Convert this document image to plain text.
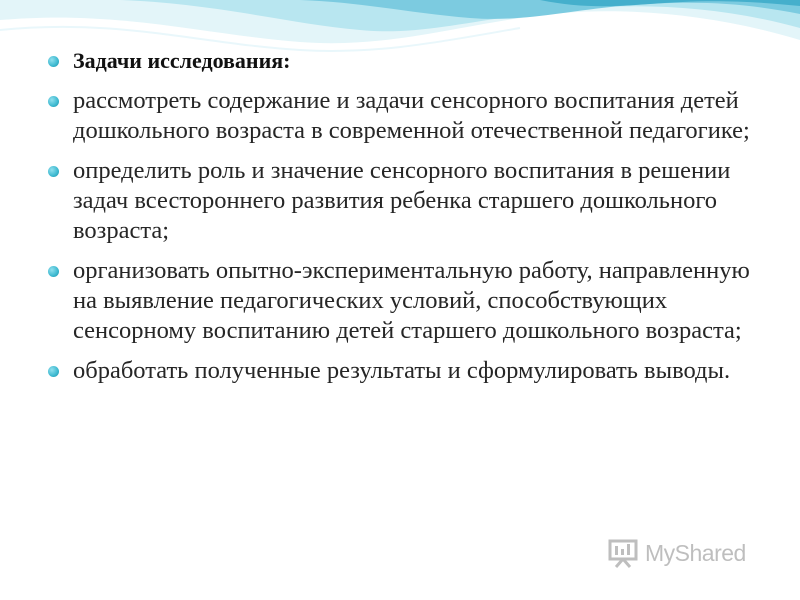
Задачи исследования:
рассмотреть содержание и задачи сенсорного воспитания детей дошкольного возраста в современной отечественной педагогике;
определить роль и значение сенсорного воспитания в решении задач всестороннего развития ребенка старшего дошкольного возраста;
организовать опытно-экспериментальную работу, направленную на выявление педагогических условий, способствующих сенсорному воспитанию детей старшего дошкольного возраста;
обработать полученные результаты и сформулировать выводы.
MyShared
